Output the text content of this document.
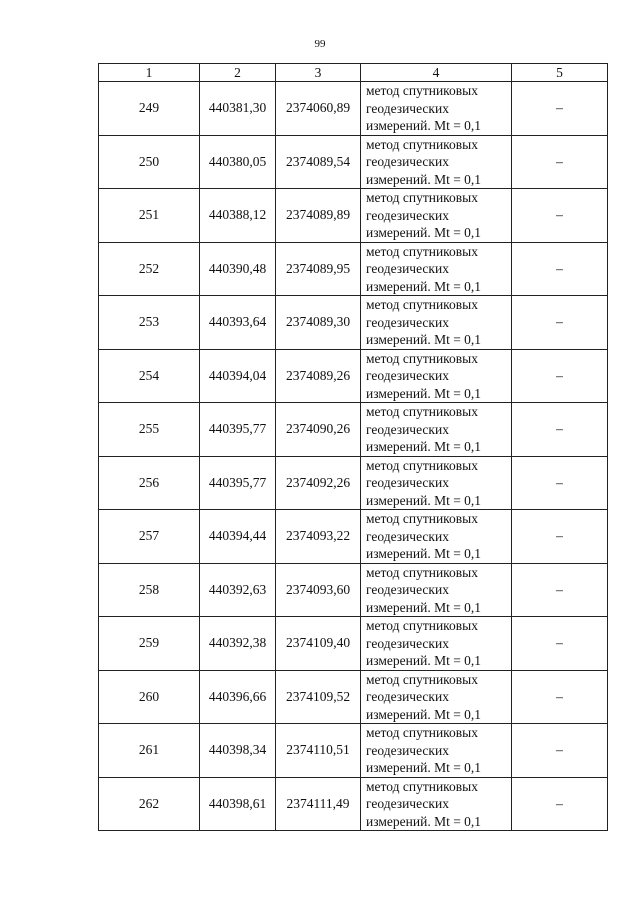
99
1	2	3	4	5
249	440381,30	2374060,89	метод спутниковых
геодезических
измерений. Mt = 0,1	–
250	440380,05	2374089,54	метод спутниковых
геодезических
измерений. Mt = 0,1	–
251	440388,12	2374089,89	метод спутниковых
геодезических
измерений. Mt = 0,1	–
252	440390,48	2374089,95	метод спутниковых
геодезических
измерений. Mt = 0,1	–
253	440393,64	2374089,30	метод спутниковых
геодезических
измерений. Mt = 0,1	–
254	440394,04	2374089,26	метод спутниковых
геодезических
измерений. Mt = 0,1	–
255	440395,77	2374090,26	метод спутниковых
геодезических
измерений. Mt = 0,1	–
256	440395,77	2374092,26	метод спутниковых
геодезических
измерений. Mt = 0,1	–
257	440394,44	2374093,22	метод спутниковых
геодезических
измерений. Mt = 0,1	–
258	440392,63	2374093,60	метод спутниковых
геодезических
измерений. Mt = 0,1	–
259	440392,38	2374109,40	метод спутниковых
геодезических
измерений. Mt = 0,1	–
260	440396,66	2374109,52	метод спутниковых
геодезических
измерений. Mt = 0,1	–
261	440398,34	2374110,51	метод спутниковых
геодезических
измерений. Mt = 0,1	–
262	440398,61	2374111,49	метод спутниковых
геодезических
измерений. Mt = 0,1	–
